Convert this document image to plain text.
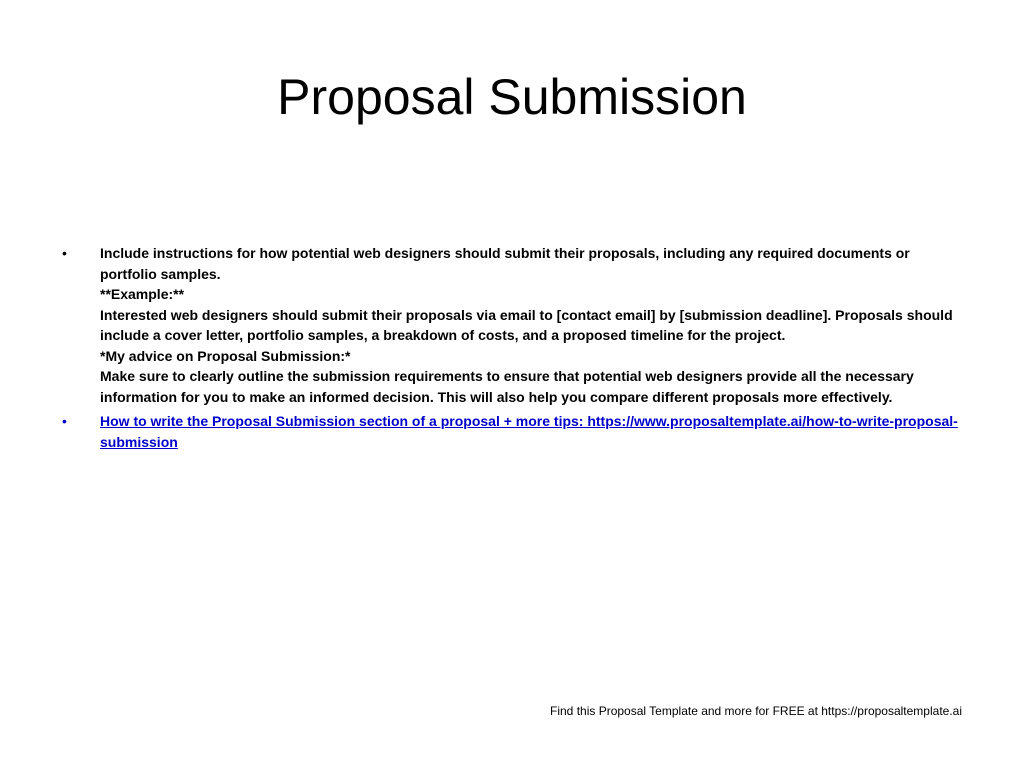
Proposal Submission
• Include instructions for how potential web designers should submit their proposals, including any required documents or portfolio samples.
**Example:**
Interested web designers should submit their proposals via email to [contact email] by [submission deadline]. Proposals should include a cover letter, portfolio samples, a breakdown of costs, and a proposed timeline for the project.
*My advice on Proposal Submission:*
Make sure to clearly outline the submission requirements to ensure that potential web designers provide all the necessary information for you to make an informed decision. This will also help you compare different proposals more effectively.
• How to write the Proposal Submission section of a proposal + more tips: https://www.proposaltemplate.ai/how-to-write-proposal-submission
Find this Proposal Template and more for FREE at https://proposaltemplate.ai
